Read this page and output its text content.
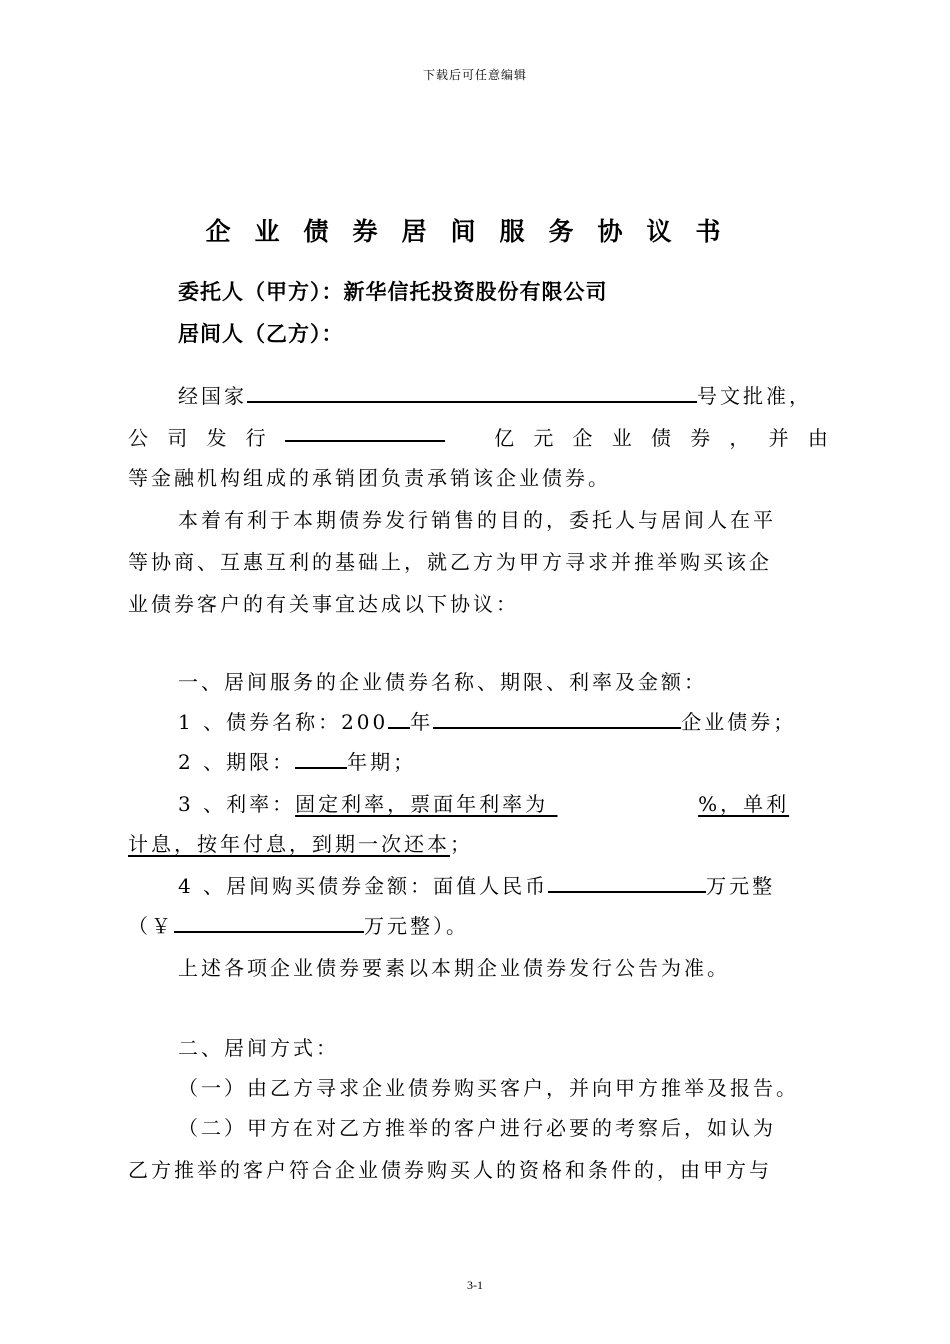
下载后可任意编辑
企业债券居间服务协议书
委托人（甲方）：新华信托投资股份有限公司
居间人（乙方）：
经国家	号文批准，
公 司 发 行	亿 元 企 业 债 券 ， 并 由
等金融机构组成的承销团负责承销该企业债券。
本着有利于本期债券发行销售的目的，委托人与居间人在平
等协商、互惠互利的基础上，就乙方为甲方寻求并推举购买该企
业债券客户的有关事宜达成以下协议：
一、居间服务的企业债券名称、期限、利率及金额：
1 、债券名称：200 年	企业债券；
2 、期限：	年期；
3 、利率：固定利率，票面年利率为	%，单利
计息，按年付息，到期一次还本；
4 、居间购买债券金额：面值人民币	万元整
（￥	万元整）。
上述各项企业债券要素以本期企业债券发行公告为准。
二、居间方式：
（一）由乙方寻求企业债券购买客户，并向甲方推举及报告。
（二）甲方在对乙方推举的客户进行必要的考察后，如认为
乙方推举的客户符合企业债券购买人的资格和条件的，由甲方与
3-1
